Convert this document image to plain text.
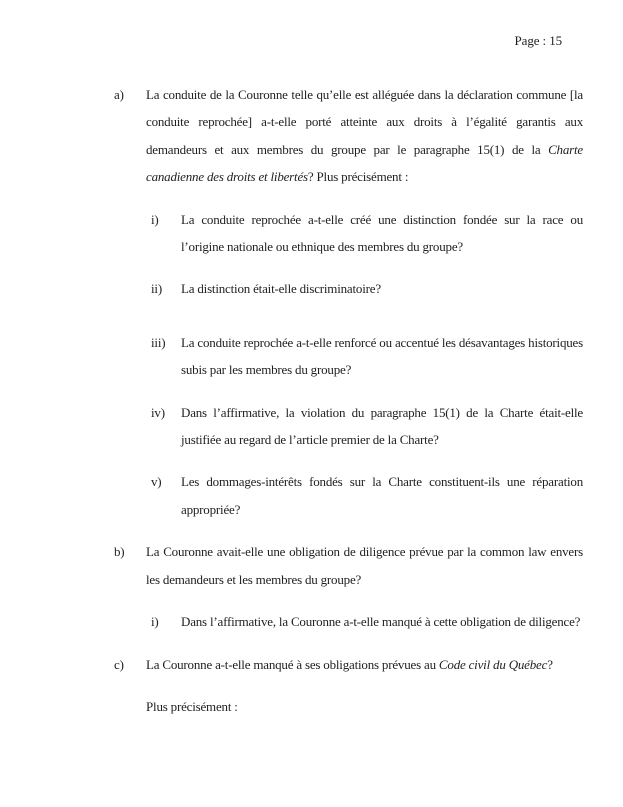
Page : 15
a)	La conduite de la Couronne telle qu’elle est alléguée dans la déclaration commune [la conduite reprochée] a-t-elle porté atteinte aux droits à l’égalité garantis aux demandeurs et aux membres du groupe par le paragraphe 15(1) de la Charte canadienne des droits et libertés? Plus précisément :

i)	La conduite reprochée a-t-elle créé une distinction fondée sur la race ou l’origine nationale ou ethnique des membres du groupe?

ii)	La distinction était-elle discriminatoire?

iii)	La conduite reprochée a-t-elle renforcé ou accentué les désavantages historiques subis par les membres du groupe?

iv)	Dans l’affirmative, la violation du paragraphe 15(1) de la Charte était-elle justifiée au regard de l’article premier de la Charte?

v)	Les dommages-intérêts fondés sur la Charte constituent-ils une réparation appropriée?

b)	La Couronne avait-elle une obligation de diligence prévue par la common law envers les demandeurs et les membres du groupe?

i)	Dans l’affirmative, la Couronne a-t-elle manqué à cette obligation de diligence?

c)	La Couronne a-t-elle manqué à ses obligations prévues au Code civil du Québec?

Plus précisément :
